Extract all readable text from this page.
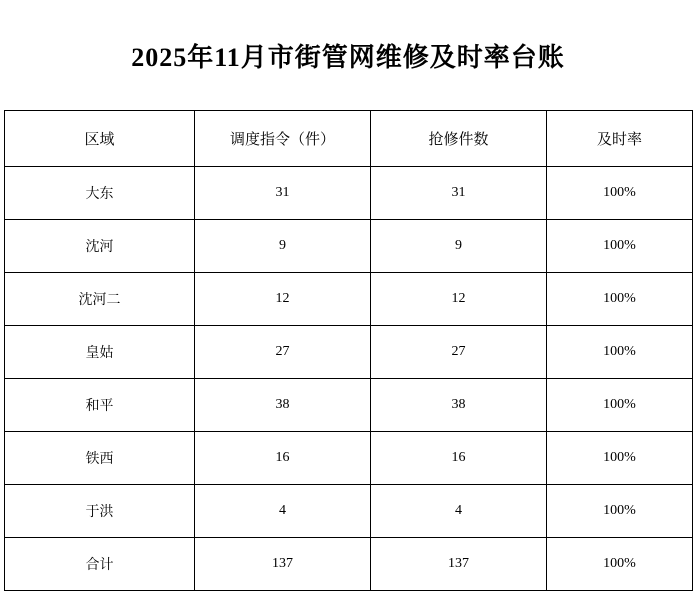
2025年11月市街管网维修及时率台账
区域	调度指令（件）	抢修件数	及时率
大东	31	31	100%
沈河	9	9	100%
沈河二	12	12	100%
皇姑	27	27	100%
和平	38	38	100%
铁西	16	16	100%
于洪	4	4	100%
合计	137	137	100%
